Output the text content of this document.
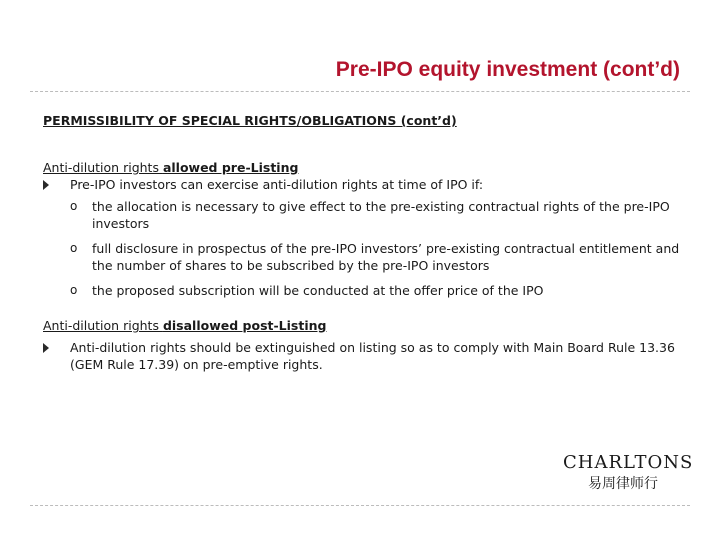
Pre-IPO equity investment (cont’d)

PERMISSIBILITY OF SPECIAL RIGHTS/OBLIGATIONS (cont’d)

Anti-dilution rights allowed pre-Listing

Pre-IPO investors can exercise anti-dilution rights at time of IPO if:

o the allocation is necessary to give effect to the pre-existing contractual rights of the pre-IPO investors

o full disclosure in prospectus of the pre-IPO investors’ pre-existing contractual entitlement and the number of shares to be subscribed by the pre-IPO investors

o the proposed subscription will be conducted at the offer price of the IPO

Anti-dilution rights disallowed post-Listing

Anti-dilution rights should be extinguished on listing so as to comply with Main Board Rule 13.36 (GEM Rule 17.39) on pre-emptive rights.

CHARLTONS
易周律师行
